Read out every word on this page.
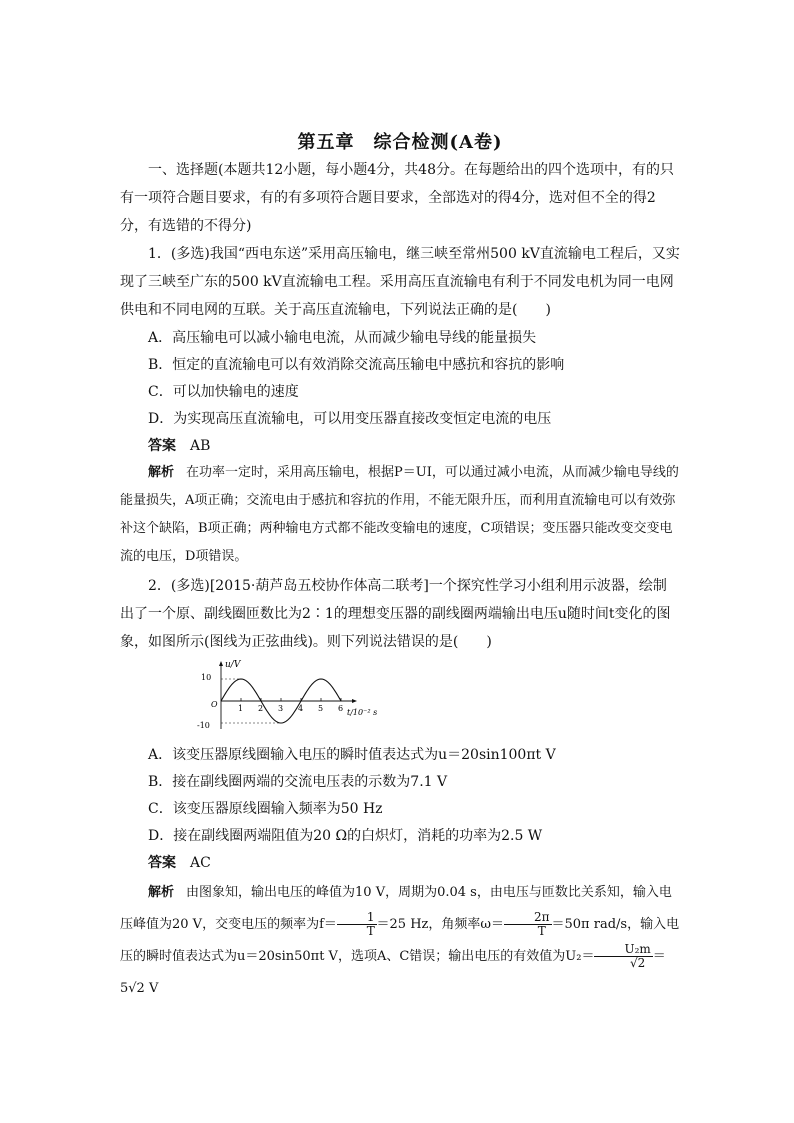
第五章　综合检测(A卷)

一、选择题(本题共12小题，每小题4分，共48分。在每题给出的四个选项中，有的只有一项符合题目要求，有的有多项符合题目要求，全部选对的得4分，选对但不全的得2分，有选错的不得分)

1．(多选)我国“西电东送”采用高压输电，继三峡至常州500 kV直流输电工程后，又实现了三峡至广东的500 kV直流输电工程。采用高压直流输电有利于不同发电机为同一电网供电和不同电网的互联。关于高压直流输电，下列说法正确的是(　　)

A．高压输电可以减小输电电流，从而减少输电导线的能量损失

B．恒定的直流输电可以有效消除交流高压输电中感抗和容抗的影响

C．可以加快输电的速度

D．为实现高压直流输电，可以用变压器直接改变恒定电流的电压

答案 AB

解析 在功率一定时，采用高压输电，根据P＝UI，可以通过减小电流，从而减少输电导线的能量损失，A项正确；交流电由于感抗和容抗的作用，不能无限升压，而利用直流输电可以有效弥补这个缺陷，B项正确；两种输电方式都不能改变输电的速度，C项错误；变压器只能改变交变电流的电压，D项错误。

2．(多选)[2015·葫芦岛五校协作体高二联考]一个探究性学习小组利用示波器，绘制出了一个原、副线圈匝数比为2∶1的理想变压器的副线圈两端输出电压u随时间t变化的图象，如图所示(图线为正弦曲线)。则下列说法错误的是(　　)

1 2 3 4 5 6
u/V
t/10⁻² s
O
10
-10

A．该变压器原线圈输入电压的瞬时值表达式为u＝20sin100πt V

B．接在副线圈两端的交流电压表的示数为7.1 V

C．该变压器原线圈输入频率为50 Hz

D．接在副线圈两端阻值为20 Ω的白炽灯，消耗的功率为2.5 W

答案 AC

解析 由图象知，输出电压的峰值为10 V，周期为0.04 s，由电压与匝数比关系知，输入电压峰值为20 V，交变电压的频率为$f= \frac{1}{T} =25$ Hz，角频率$\omega= \frac{2\pi}{T} =50\pi$ rad/s，输入电压的瞬时值表达式为u＝20sin50πt V，选项A、C错误；输出电压的有效值为$U_2= \frac{\text{U₂m}}{√2} =5√2$ V
